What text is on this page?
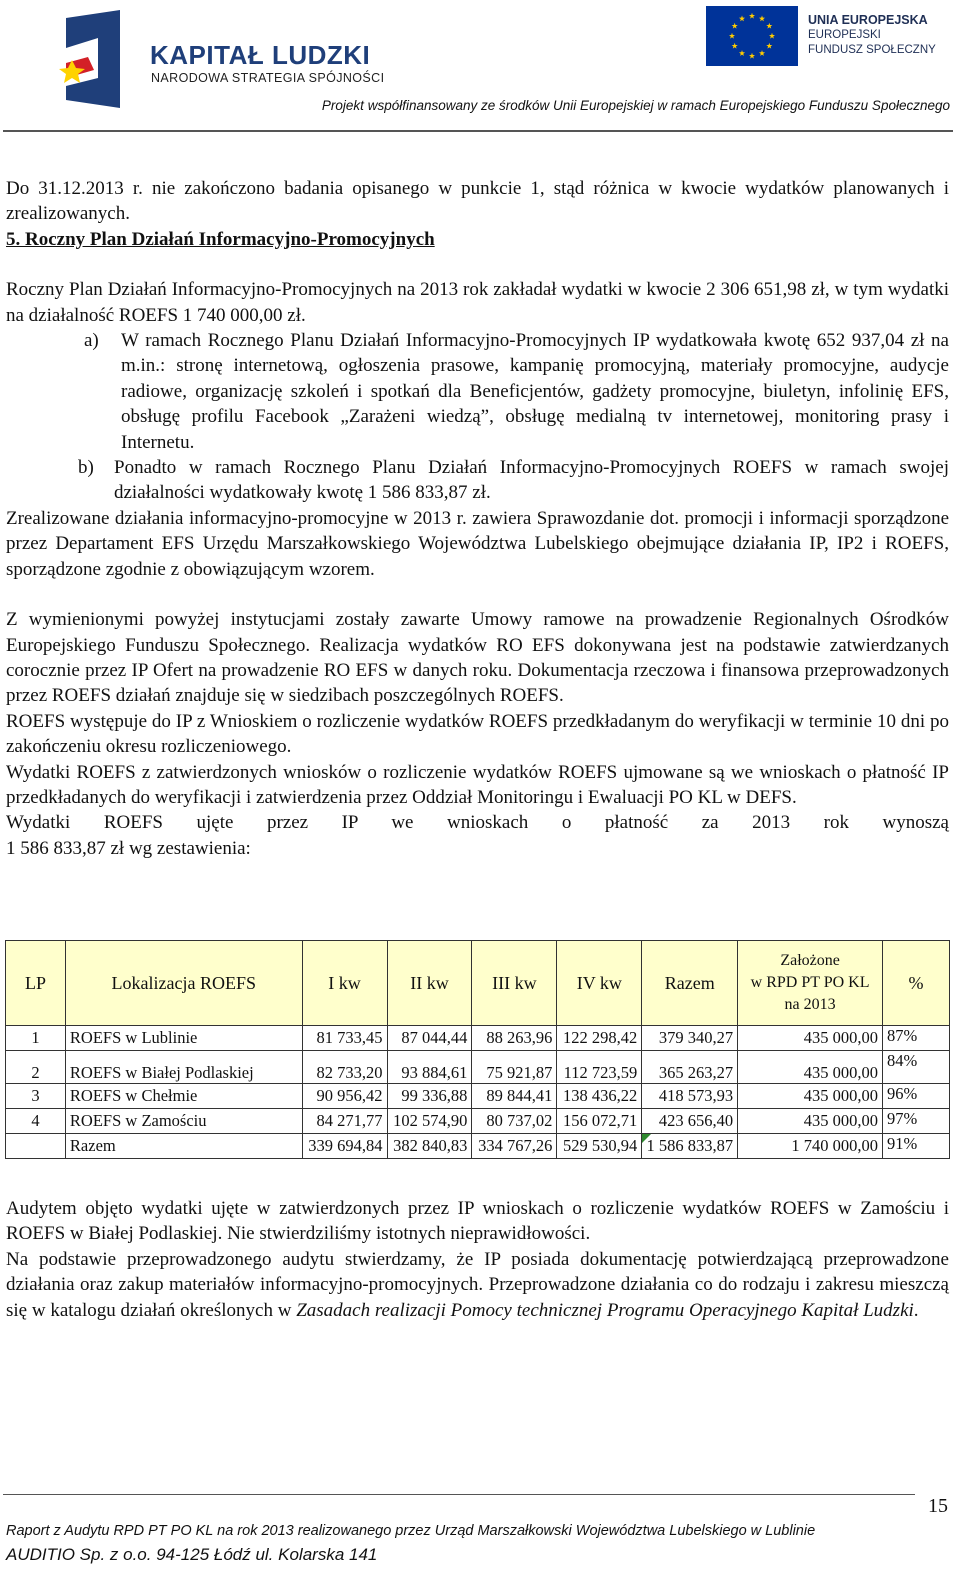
KAPITAŁ LUDZKI
NARODOWA STRATEGIA SPÓJNOŚCI
UNIA EUROPEJSKA
EUROPEJSKI
FUNDUSZ SPOŁECZNY
Projekt współfinansowany ze środków Unii Europejskiej w ramach Europejskiego Funduszu Społecznego

Do 31.12.2013 r. nie zakończono badania opisanego w punkcie 1, stąd różnica w kwocie wydatków planowanych i zrealizowanych.

5. Roczny Plan Działań Informacyjno-Promocyjnych

Roczny Plan Działań Informacyjno-Promocyjnych na 2013 rok zakładał wydatki w kwocie 2 306 651,98 zł, w tym wydatki na działalność ROEFS 1 740 000,00 zł.

a) W ramach Rocznego Planu Działań Informacyjno-Promocyjnych IP wydatkowała kwotę 652 937,04 zł na m.in.: stronę internetową, ogłoszenia prasowe, kampanię promocyjną, materiały promocyjne, audycje radiowe, organizację szkoleń i spotkań dla Beneficjentów, gadżety promocyjne, biuletyn, infolinię EFS, obsługę profilu Facebook „Zarażeni wiedzą”, obsługę medialną tv internetowej, monitoring prasy i Internetu.
b) Ponadto w ramach Rocznego Planu Działań Informacyjno-Promocyjnych ROEFS w ramach swojej działalności wydatkowały kwotę 1 586 833,87 zł.

Zrealizowane działania informacyjno-promocyjne w 2013 r. zawiera Sprawozdanie dot. promocji i informacji sporządzone przez Departament EFS Urzędu Marszałkowskiego Województwa Lubelskiego obejmujące działania IP, IP2 i ROEFS, sporządzone zgodnie z obowiązującym wzorem.

Z wymienionymi powyżej instytucjami zostały zawarte Umowy ramowe na prowadzenie Regionalnych Ośrodków Europejskiego Funduszu Społecznego. Realizacja wydatków RO EFS dokonywana jest na podstawie zatwierdzanych corocznie przez IP Ofert na prowadzenie RO EFS w danych roku. Dokumentacja rzeczowa i finansowa przeprowadzonych przez ROEFS działań znajduje się w siedzibach poszczególnych ROEFS.

ROEFS występuje do IP z Wnioskiem o rozliczenie wydatków ROEFS przedkładanym do weryfikacji w terminie 10 dni po zakończeniu okresu rozliczeniowego.

Wydatki ROEFS z zatwierdzonych wniosków o rozliczenie wydatków ROEFS ujmowane są we wnioskach o płatność IP przedkładanych do weryfikacji i zatwierdzenia przez Oddział Monitoringu i Ewaluacji PO KL w DEFS.

Wydatki ROEFS ujęte przez IP we wnioskach o płatność za 2013 rok wynoszą

1 586 833,87 zł wg zestawienia:

LP	Lokalizacja ROEFS	I kw	II kw	III kw	IV kw	Razem	Założone
w RPD PT PO KL
na 2013	%
1	ROEFS w Lublinie	81 733,45	87 044,44	88 263,96	122 298,42	379 340,27	435 000,00	87%
2	ROEFS w Białej Podlaskiej	82 733,20	93 884,61	75 921,87	112 723,59	365 263,27	435 000,00	84%
3	ROEFS w Chełmie	90 956,42	99 336,88	89 844,41	138 436,22	418 573,93	435 000,00	96%
4	ROEFS w Zamościu	84 271,77	102 574,90	80 737,02	156 072,71	423 656,40	435 000,00	97%
	Razem	339 694,84	382 840,83	334 767,26	529 530,94	1 586 833,87	1 740 000,00	91%

Audytem objęto wydatki ujęte w zatwierdzonych przez IP wnioskach o rozliczenie wydatków ROEFS w Zamościu i ROEFS w Białej Podlaskiej. Nie stwierdziliśmy istotnych nieprawidłowości.

Na podstawie przeprowadzonego audytu stwierdzamy, że IP posiada dokumentację potwierdzającą przeprowadzone działania oraz zakup materiałów informacyjno-promocyjnych. Przeprowadzone działania co do rodzaju i zakresu mieszczą się w katalogu działań określonych w Zasadach realizacji Pomocy technicznej Programu Operacyjnego Kapitał Ludzki.

15
Raport z Audytu RPD PT PO KL na rok 2013 realizowanego przez Urząd Marszałkowski Województwa Lubelskiego w Lublinie
AUDITIO Sp. z o.o. 94-125 Łódź ul. Kolarska 141
